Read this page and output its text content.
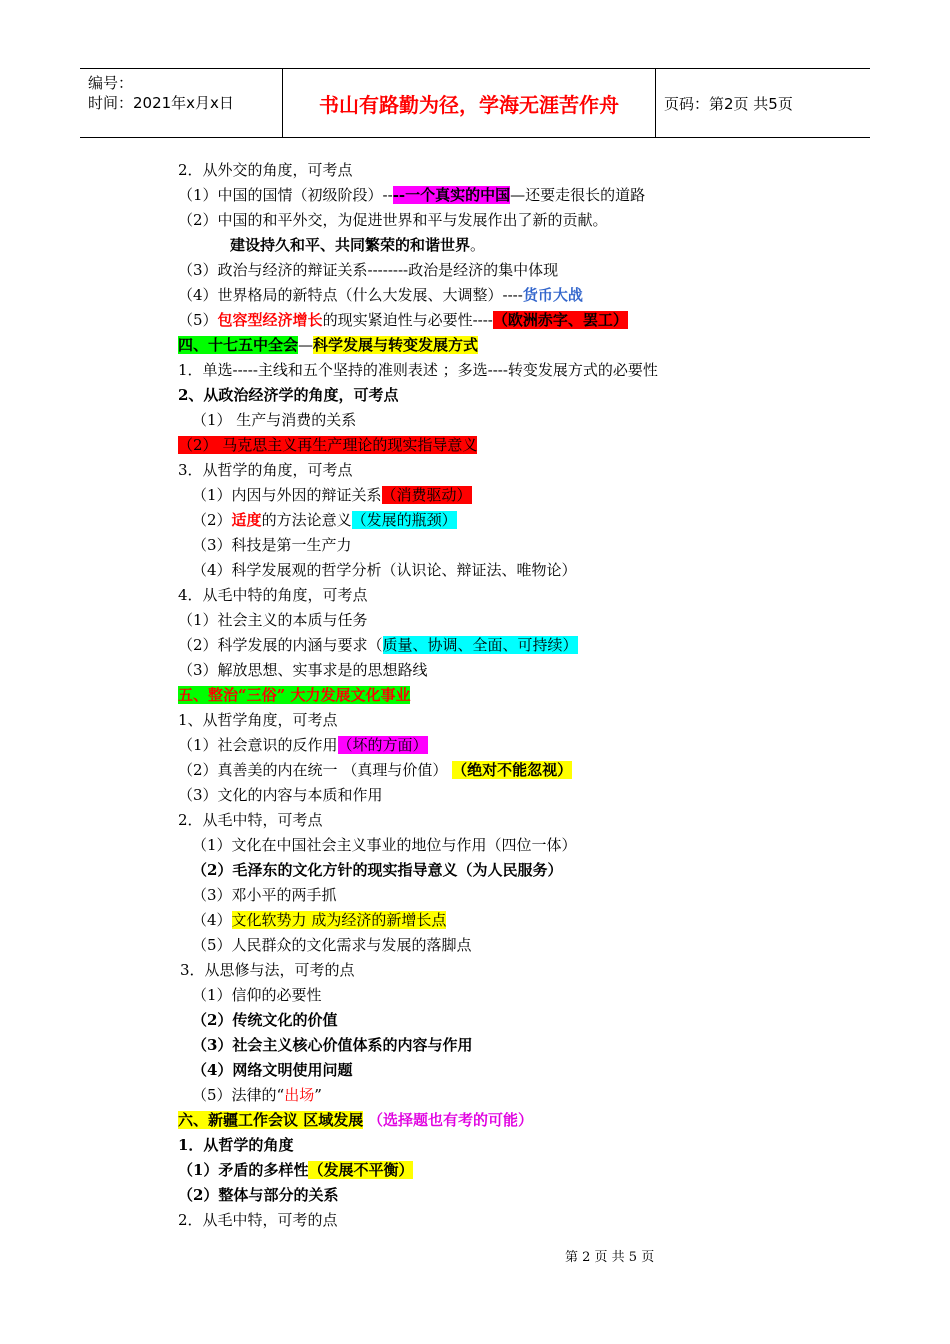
编号：
时间：2021年x月x日	书山有路勤为径，学海无涯苦作舟	页码：第2页 共5页
2．从外交的角度，可考点
（1）中国的国情（初级阶段）----一个真实的中国—还要走很长的道路
（2）中国的和平外交，为促进世界和平与发展作出了新的贡献。
建设持久和平、共同繁荣的和谐世界。
（3）政治与经济的辩证关系--------政治是经济的集中体现
（4）世界格局的新特点（什么大发展、大调整）----货币大战
（5）包容型经济增长的现实紧迫性与必要性----（欧洲赤字、罢工）
四、十七五中全会—科学发展与转变发展方式
1．单选-----主线和五个坚持的准则表述 ；多选----转变发展方式的必要性
2、从政治经济学的角度，可考点
（1） 生产与消费的关系
（2） 马克思主义再生产理论的现实指导意义
3．从哲学的角度，可考点
（1）内因与外因的辩证关系（消费驱动）
（2）适度的方法论意义（发展的瓶颈）
（3）科技是第一生产力
（4）科学发展观的哲学分析（认识论、辩证法、唯物论）
4．从毛中特的角度，可考点
（1）社会主义的本质与任务
（2）科学发展的内涵与要求（质量、协调、全面、可持续）
（3）解放思想、实事求是的思想路线
五、整治“三俗” 大力发展文化事业
1、从哲学角度，可考点
（1）社会意识的反作用（坏的方面）
（2）真善美的内在统一 （真理与价值） （绝对不能忽视）
（3）文化的内容与本质和作用
2．从毛中特，可考点
（1）文化在中国社会主义事业的地位与作用（四位一体）
（2）毛泽东的文化方针的现实指导意义（为人民服务）
（3）邓小平的两手抓
（4）文化软势力 成为经济的新增长点
（5）人民群众的文化需求与发展的落脚点
3．从思修与法，可考的点
（1）信仰的必要性
（2）传统文化的价值
（3）社会主义核心价值体系的内容与作用
（4）网络文明使用问题
（5）法律的“出场”
六、新疆工作会议 区域发展 （选择题也有考的可能）
1．从哲学的角度
（1）矛盾的多样性（发展不平衡）
（2）整体与部分的关系
2．从毛中特，可考的点
第 2 页 共 5 页
